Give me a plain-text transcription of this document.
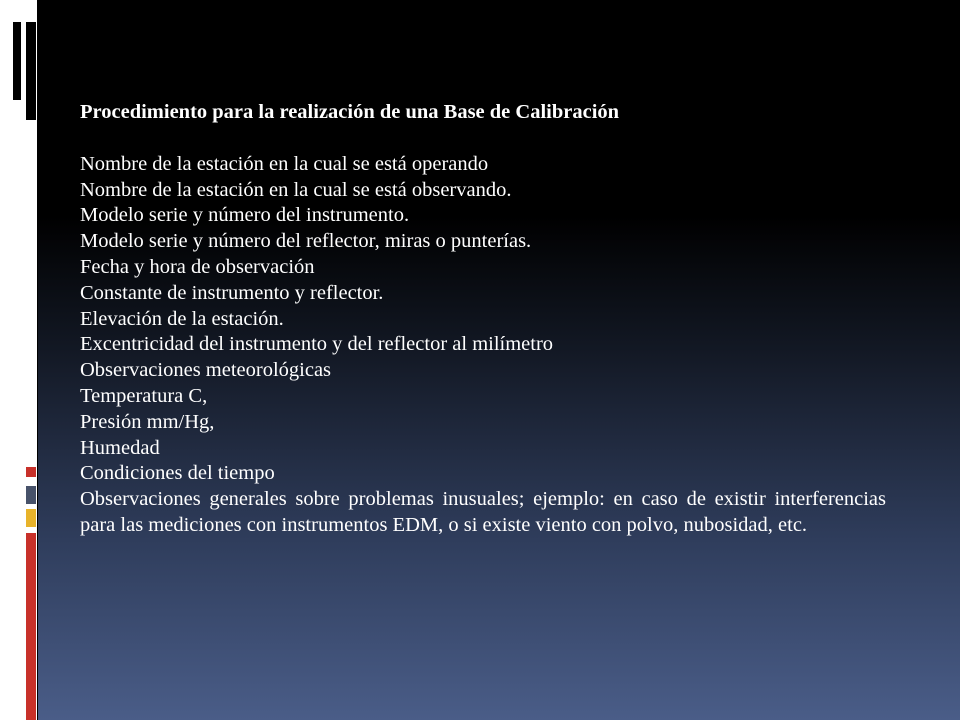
Procedimiento para la realización de una Base de Calibración
Nombre de la estación en la cual se está operando
Nombre de la estación en la cual se está observando.
Modelo serie y número del instrumento.
Modelo serie y número del reflector, miras o punterías.
Fecha y hora de observación
Constante de instrumento y reflector.
Elevación de la estación.
Excentricidad del instrumento y del reflector al milímetro
Observaciones meteorológicas
Temperatura C,
Presión mm/Hg,
Humedad
Condiciones del tiempo
Observaciones generales sobre problemas inusuales; ejemplo: en caso de existir interferencias para las mediciones con instrumentos EDM, o si existe viento con polvo, nubosidad, etc.
